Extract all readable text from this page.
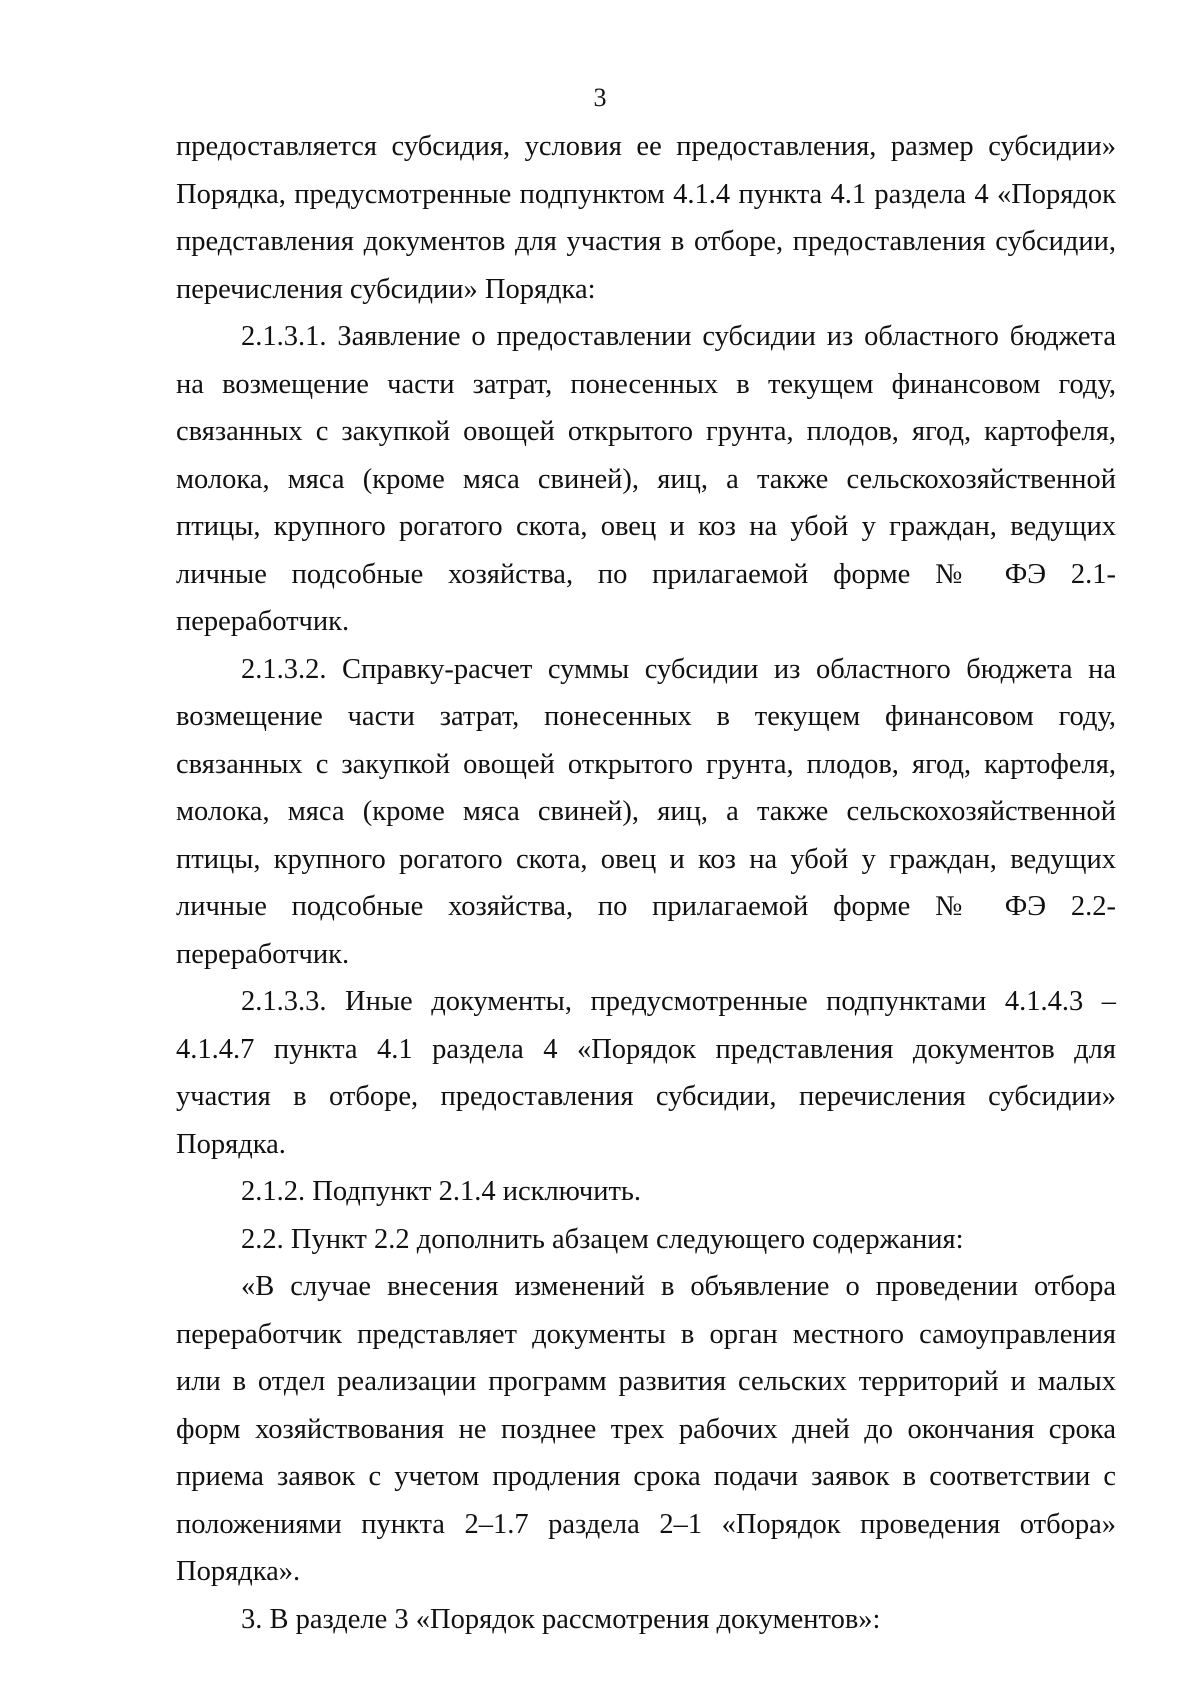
3

предоставляется субсидия, условия ее предоставления, размер субсидии» Порядка, предусмотренные подпунктом 4.1.4 пункта 4.1 раздела 4 «Порядок представления документов для участия в отборе, предоставления субсидии, перечисления субсидии» Порядка:

2.1.3.1. Заявление о предоставлении субсидии из областного бюджета на возмещение части затрат, понесенных в текущем финансовом году, связанных с закупкой овощей открытого грунта, плодов, ягод, картофеля, молока, мяса (кроме мяса свиней), яиц, а также сельскохозяйственной птицы, крупного рогатого скота, овец и коз на убой у граждан, ведущих личные подсобные хозяйства, по прилагаемой форме № ФЭ 2.1-переработчик.

2.1.3.2. Справку-расчет суммы субсидии из областного бюджета на возмещение части затрат, понесенных в текущем финансовом году, связанных с закупкой овощей открытого грунта, плодов, ягод, картофеля, молока, мяса (кроме мяса свиней), яиц, а также сельскохозяйственной птицы, крупного рогатого скота, овец и коз на убой у граждан, ведущих личные подсобные хозяйства, по прилагаемой форме № ФЭ 2.2-переработчик.

2.1.3.3. Иные документы, предусмотренные подпунктами 4.1.4.3 – 4.1.4.7 пункта 4.1 раздела 4 «Порядок представления документов для участия в отборе, предоставления субсидии, перечисления субсидии» Порядка.

2.1.2. Подпункт 2.1.4 исключить.

2.2. Пункт 2.2 дополнить абзацем следующего содержания:

«В случае внесения изменений в объявление о проведении отбора переработчик представляет документы в орган местного самоуправления или в отдел реализации программ развития сельских территорий и малых форм хозяйствования не позднее трех рабочих дней до окончания срока приема заявок с учетом продления срока подачи заявок в соответствии с положениями пункта 2–1.7 раздела 2–1 «Порядок проведения отбора» Порядка».

3. В разделе 3 «Порядок рассмотрения документов»:
